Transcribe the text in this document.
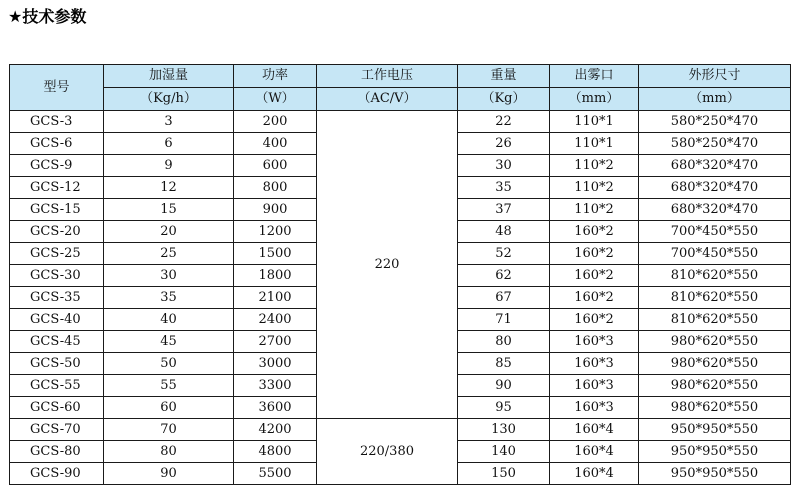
★技术参数
型号	加湿量	功率	工作电压	重量	出雾口	外形尺寸
	（Kg/h）	（W）	（AC/V）	（Kg）	（mm）	（mm）
GCS-3	3	200	220	22	110*1	580*250*470
GCS-6	6	400		26	110*1	580*250*470
GCS-9	9	600		30	110*2	680*320*470
GCS-12	12	800		35	110*2	680*320*470
GCS-15	15	900		37	110*2	680*320*470
GCS-20	20	1200		48	160*2	700*450*550
GCS-25	25	1500		52	160*2	700*450*550
GCS-30	30	1800		62	160*2	810*620*550
GCS-35	35	2100		67	160*2	810*620*550
GCS-40	40	2400		71	160*2	810*620*550
GCS-45	45	2700		80	160*3	980*620*550
GCS-50	50	3000		85	160*3	980*620*550
GCS-55	55	3300		90	160*3	980*620*550
GCS-60	60	3600		95	160*3	980*620*550
GCS-70	70	4200	220/380	130	160*4	950*950*550
GCS-80	80	4800		140	160*4	950*950*550
GCS-90	90	5500		150	160*4	950*950*550
